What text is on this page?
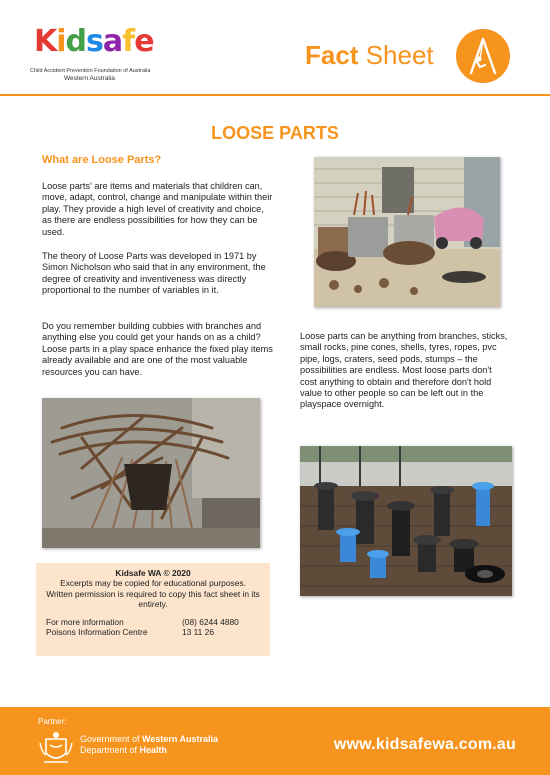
Kidsafe
Child Accident Prevention Foundation of Australia
Western Australia
Fact Sheet
LOOSE PARTS
What are Loose Parts?

Loose parts' are items and materials that children can, move, adapt, control, change and manipulate within their play. They provide a high level of creativity and choice, as there are endless possibilities for how they can be used.

The theory of Loose Parts was developed in 1971 by Simon Nicholson who said that in any environment, the degree of creativity and inventiveness was directly proportional to the number of variables in it.

Do you remember building cubbies with branches and anything else you could get your hands on as a child? Loose parts in a play space enhance the fixed play items already available and are one of the most valuable resources you can have.

Loose parts can be anything from branches, sticks, small rocks, pine cones, shells, tyres, ropes, pvc pipe, logs, craters, seed pods, stumps – the possibilities are endless. Most loose parts don't cost anything to obtain and therefore don't hold value to other people so can be left out in the playspace overnight.

Kidsafe WA © 2020
Excerpts may be copied for educational purposes. Written permission is required to copy this fact sheet in its entirety.
For more information	(08) 6244 4880
Poisons Information Centre	13 11 26
Partner:
Government of Western Australia
Department of Health	www.kidsafewa.com.au
